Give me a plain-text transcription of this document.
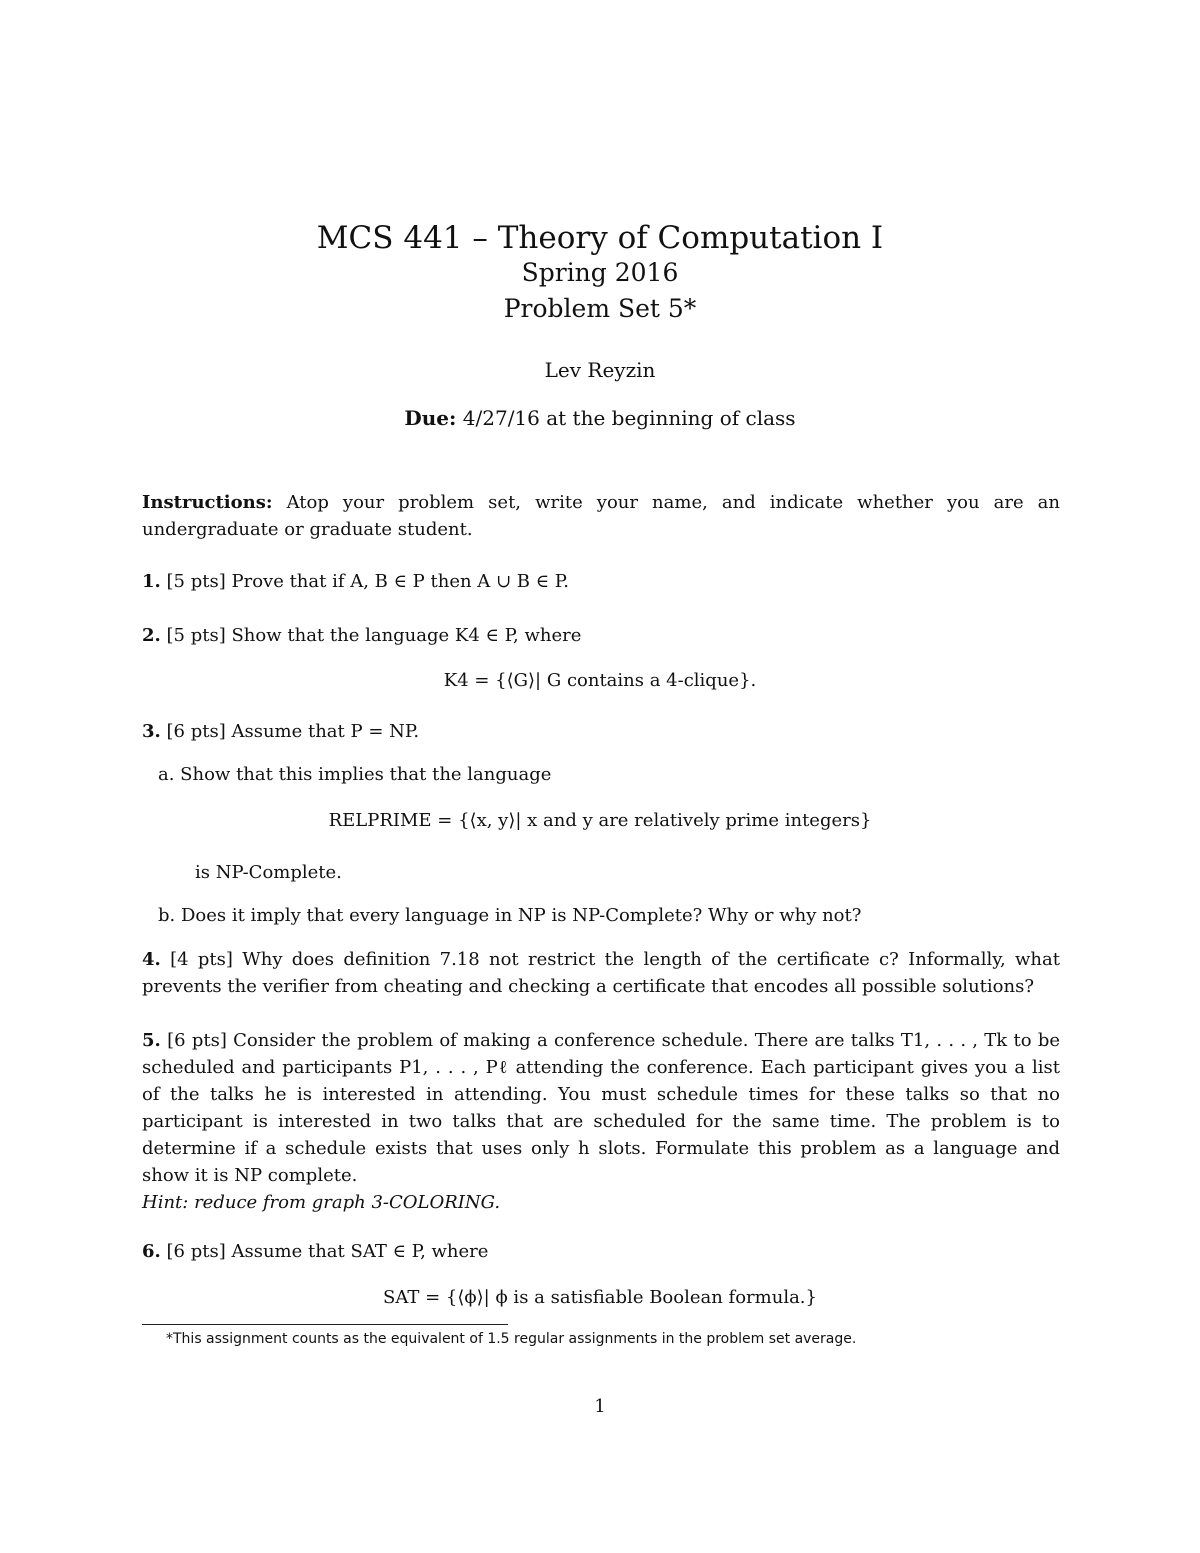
MCS 441 – Theory of Computation I
Spring 2016
Problem Set 5*
Lev Reyzin
Due: 4/27/16 at the beginning of class
Instructions: Atop your problem set, write your name, and indicate whether you are an undergraduate or graduate student.
1. [5 pts] Prove that if A, B ∈ P then A ∪ B ∈ P.
2. [5 pts] Show that the language K4 ∈ P, where
K4 = {⟨G⟩| G contains a 4-clique}.
3. [6 pts] Assume that P = NP.
a. Show that this implies that the language
RELPRIME = {⟨x, y⟩| x and y are relatively prime integers}
is NP-Complete.
b. Does it imply that every language in NP is NP-Complete? Why or why not?
4. [4 pts] Why does definition 7.18 not restrict the length of the certificate c? Informally, what prevents the verifier from cheating and checking a certificate that encodes all possible solutions?
5. [6 pts] Consider the problem of making a conference schedule. There are talks T1, . . . , Tk to be scheduled and participants P1, . . . , Pℓ attending the conference. Each participant gives you a list of the talks he is interested in attending. You must schedule times for these talks so that no participant is interested in two talks that are scheduled for the same time. The problem is to determine if a schedule exists that uses only h slots. Formulate this problem as a language and show it is NP complete.
Hint: reduce from graph 3-COLORING.
6. [6 pts] Assume that SAT ∈ P, where
SAT = {⟨ϕ⟩| ϕ is a satisfiable Boolean formula.}
*This assignment counts as the equivalent of 1.5 regular assignments in the problem set average.
1
